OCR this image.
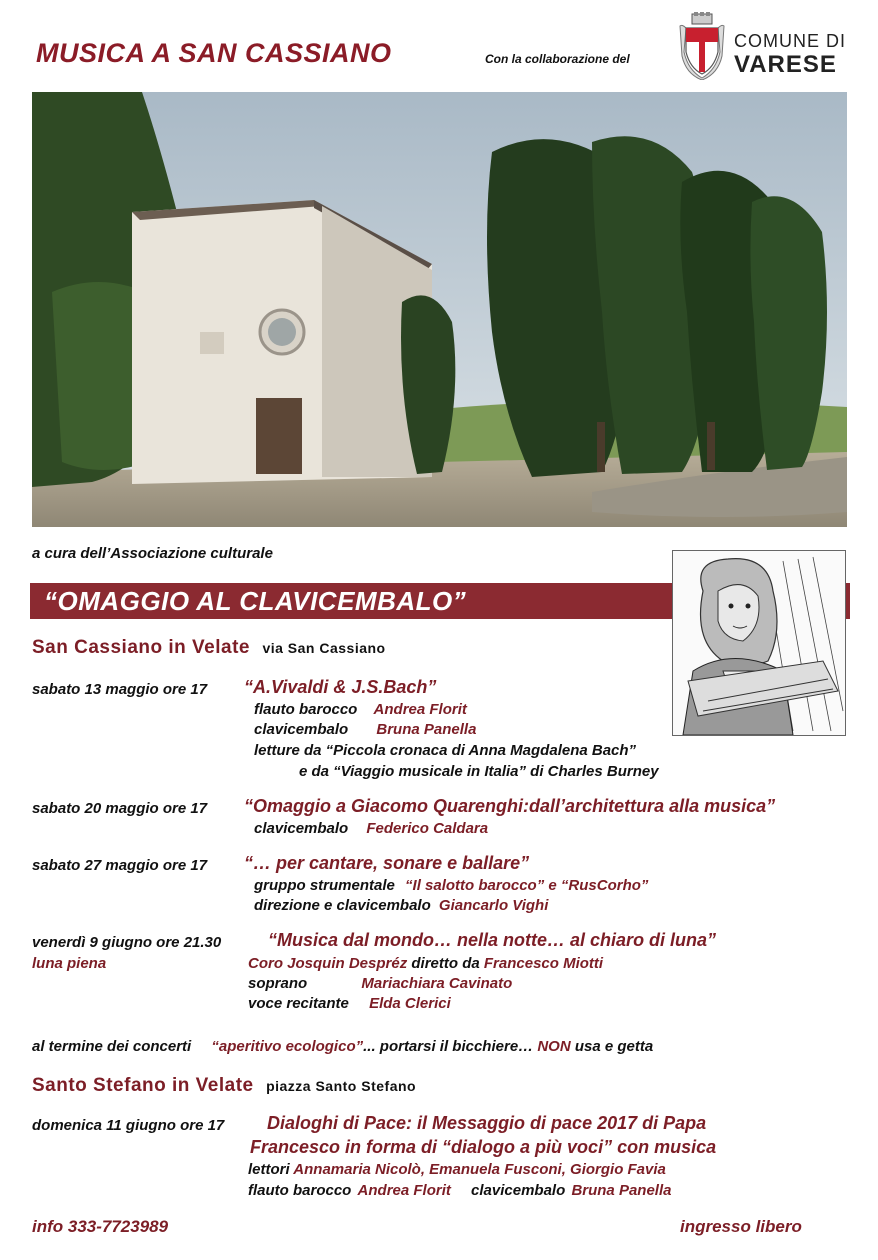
MUSICA A SAN CASSIANO	Con la collaborazione del
COMUNE DI
VARESE
a cura dell’Associazione culturale
“OMAGGIO AL CLAVICEMBALO”
San Cassiano in Velate via San Cassiano
sabato 13 maggio ore 17 “A.Vivaldi & J.S.Bach”
flauto barocco Andrea Florit
clavicembalo Bruna Panella
letture da “Piccola cronaca di Anna Magdalena Bach”
e da “Viaggio musicale in Italia” di Charles Burney
sabato 20 maggio ore 17 “Omaggio a Giacomo Quarenghi:dall’architettura alla musica”
clavicembalo Federico Caldara
sabato 27 maggio ore 17 “… per cantare, sonare e ballare”
gruppo strumentale “Il salotto barocco” e “RusCorho”
direzione e clavicembalo Giancarlo Vighi
venerdì 9 giugno ore 21.30	“Musica dal mondo… nella notte… al chiaro di luna”
luna piena	Coro Josquin Despréz diretto da Francesco Miotti
soprano	Mariachiara Cavinato
voce recitante Elda Clerici
al termine dei concerti “aperitivo ecologico”... portarsi il bicchiere… NON usa e getta
Santo Stefano in Velate piazza Santo Stefano
domenica 11 giugno ore 17 Dialoghi di Pace: il Messaggio di pace 2017 di Papa
Francesco in forma di “dialogo a più voci” con musica
lettori Annamaria Nicolò, Emanuela Fusconi, Giorgio Favia
flauto barocco Andrea Florit clavicembalo Bruna Panella
info 333-7723989	ingresso libero
